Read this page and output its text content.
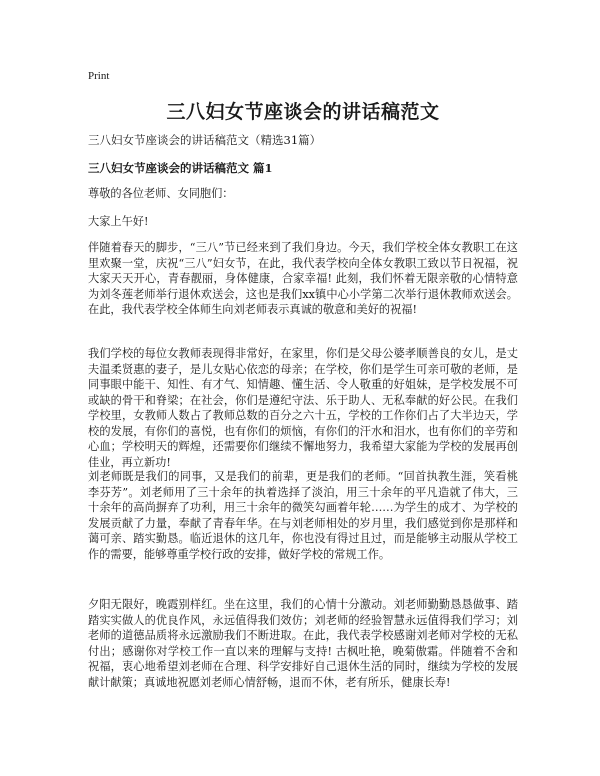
Print
三八妇女节座谈会的讲话稿范文
三八妇女节座谈会的讲话稿范文（精选31篇）
三八妇女节座谈会的讲话稿范文 篇1

尊敬的各位老师、女同胞们：

大家上午好!

伴随着春天的脚步，“三八”节已经来到了我们身边。今天，我们学校全体女教职工在这里欢聚一堂，庆祝“三八”妇女节，在此，我代表学校向全体女教职工致以节日祝福，祝大家天天开心，青春靓丽，身体健康，合家幸福! 此刻，我们怀着无限亲敬的心情特意为刘冬莲老师举行退休欢送会，这也是我们xx镇中心小学第二次举行退休教师欢送会。在此，我代表学校全体师生向刘老师表示真诚的敬意和美好的祝福!

我们学校的每位女教师表现得非常好，在家里，你们是父母公婆孝顺善良的女儿，是丈夫温柔贤惠的妻子，是儿女贴心依恋的母亲；在学校，你们是学生可亲可敬的老师，是同事眼中能干、知性、有才气、知情趣、懂生活、令人敬重的好姐妹，是学校发展不可或缺的骨干和脊梁；在社会，你们是遵纪守法、乐于助人、无私奉献的好公民。在我们学校里，女教师人数占了教师总数的百分之六十五，学校的工作你们占了大半边天，学校的发展，有你们的喜悦，也有你们的烦恼，有你们的汗水和泪水，也有你们的辛劳和心血；学校明天的辉煌，还需要你们继续不懈地努力，我希望大家能为学校的发展再创佳业，再立新功!

刘老师既是我们的同事，又是我们的前辈，更是我们的老师。“回首执教生涯，笑看桃李芬芳”。刘老师用了三十余年的执着选择了淡泊，用三十余年的平凡造就了伟大，三十余年的高尚摒弃了功利，用三十余年的微笑勾画着年轮……为学生的成才、为学校的发展贡献了力量，奉献了青春年华。在与刘老师相处的岁月里，我们感觉到你是那样和蔼可亲、踏实勤恳。临近退休的这几年，你也没有得过且过，而是能够主动服从学校工作的需要，能够尊重学校行政的安排，做好学校的常规工作。

夕阳无限好，晚霞别样红。坐在这里，我们的心情十分激动。刘老师勤勤恳恳做事、踏踏实实做人的优良作风，永远值得我们效仿；刘老师的经验智慧永远值得我们学习；刘老师的道德品质将永远激励我们不断进取。在此，我代表学校感谢刘老师对学校的无私付出；感谢你对学校工作一直以来的理解与支持! 古枫吐艳，晚菊傲霜。伴随着不舍和祝福，衷心地希望刘老师在合理、科学安排好自己退休生活的同时，继续为学校的发展献计献策；真诚地祝愿刘老师心情舒畅，退而不休，老有所乐，健康长寿!
